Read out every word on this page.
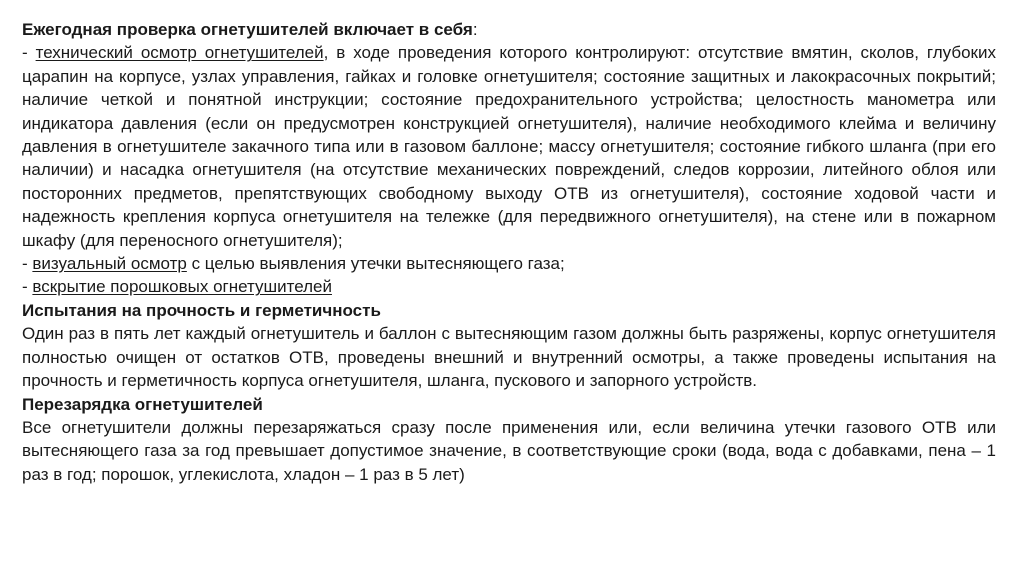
Ежегодная проверка огнетушителей включает в себя:

- технический осмотр огнетушителей, в ходе проведения которого контролируют: отсутствие вмятин, сколов, глубоких царапин на корпусе, узлах управления, гайках и головке огнетушителя; состояние защитных и лакокрасочных покрытий; наличие четкой и понятной инструкции; состояние предохранительного устройства; целостность манометра или индикатора давления (если он предусмотрен конструкцией огнетушителя), наличие необходимого клейма и величину давления в огнетушителе закачного типа или в газовом баллоне; массу огнетушителя; состояние гибкого шланга (при его наличии) и насадка огнетушителя (на отсутствие механических повреждений, следов коррозии, литейного облоя или посторонних предметов, препятствующих свободному выходу ОТВ из огнетушителя), состояние ходовой части и надежность крепления корпуса огнетушителя на тележке (для передвижного огнетушителя), на стене или в пожарном шкафу (для переносного огнетушителя);

- визуальный осмотр с целью выявления утечки вытесняющего газа;

- вскрытие порошковых огнетушителей

Испытания на прочность и герметичность

Один раз в пять лет каждый огнетушитель и баллон с вытесняющим газом должны быть разряжены, корпус огнетушителя полностью очищен от остатков ОТВ, проведены внешний и внутренний осмотры, а также проведены испытания на прочность и герметичность корпуса огнетушителя, шланга, пускового и запорного устройств.

Перезарядка огнетушителей

Все огнетушители должны перезаряжаться сразу после применения или, если величина утечки газового ОТВ или вытесняющего газа за год превышает допустимое значение, в соответствующие сроки (вода, вода с добавками, пена – 1 раз в год; порошок, углекислота, хладон – 1 раз в 5 лет)
